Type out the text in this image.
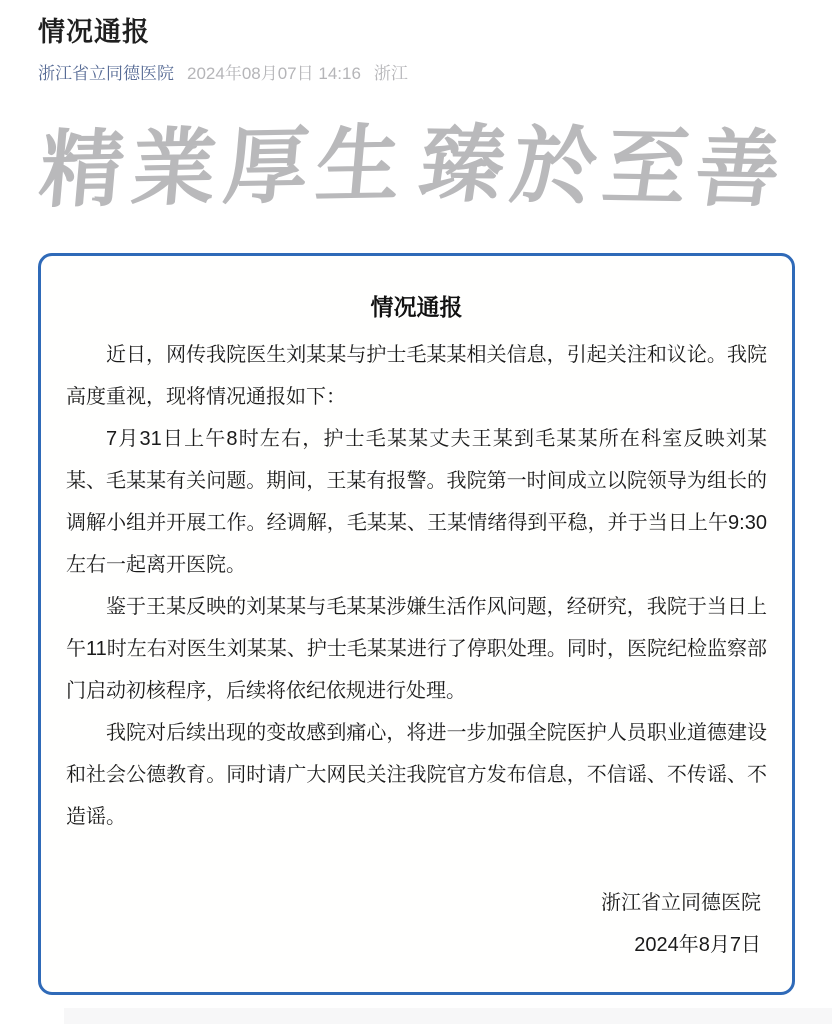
情况通报
浙江省立同德医院 2024年08月07日 14:16 浙江
精業厚生 臻於至善
情况通报

近日，网传我院医生刘某某与护士毛某某相关信息，引起关注和议论。我院高度重视，现将情况通报如下：

7月31日上午8时左右，护士毛某某丈夫王某到毛某某所在科室反映刘某某、毛某某有关问题。期间，王某有报警。我院第一时间成立以院领导为组长的调解小组并开展工作。经调解，毛某某、王某情绪得到平稳，并于当日上午9:30左右一起离开医院。

鉴于王某反映的刘某某与毛某某涉嫌生活作风问题，经研究，我院于当日上午11时左右对医生刘某某、护士毛某某进行了停职处理。同时，医院纪检监察部门启动初核程序，后续将依纪依规进行处理。

我院对后续出现的变故感到痛心，将进一步加强全院医护人员职业道德建设和社会公德教育。同时请广大网民关注我院官方发布信息，不信谣、不传谣、不造谣。

浙江省立同德医院
2024年8月7日
